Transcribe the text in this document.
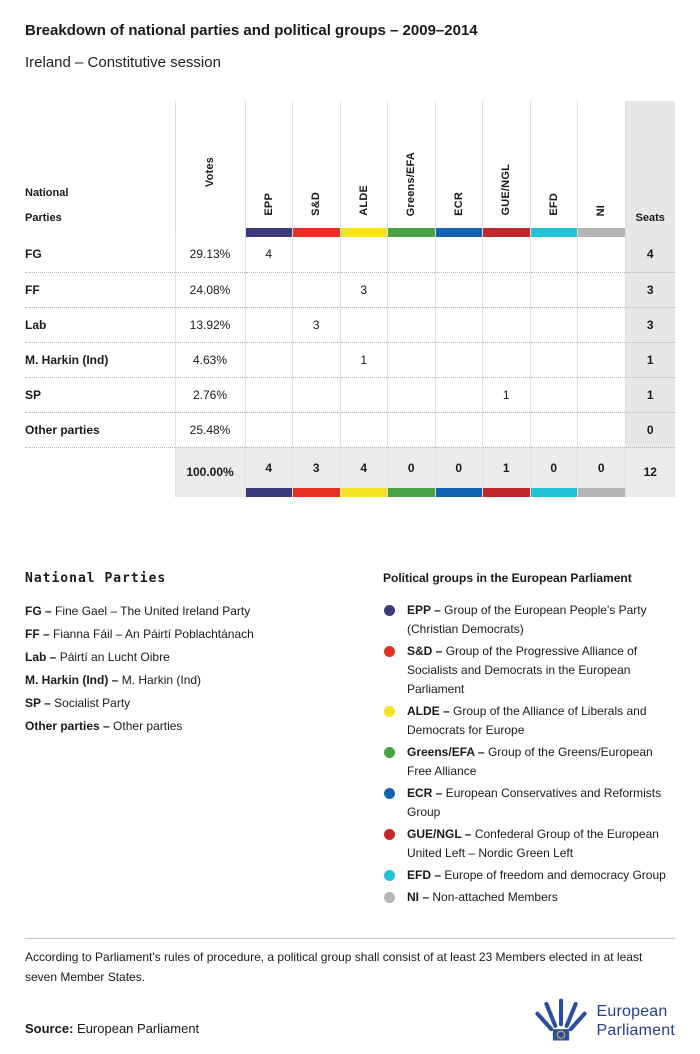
Breakdown of national parties and political groups – 2009–2014
Ireland – Constitutive session
National
Parties	Votes	EPP	S&D	ALDE	Greens/EFA	ECR	GUE/NGL	EFD	NI	Seats

FG	29.13%	4								4
FF	24.08%			3						3
Lab	13.92%		3							3
M. Harkin (Ind)	4.63%			1						1
SP	2.76%						1			1
Other parties	25.48%									0
	100.00%	4	3	4	0	0	1	0	0	12
National Parties
FG – Fine Gael – The United Ireland Party
FF – Fianna Fáil – An Páirtí Poblachtánach
Lab – Páirtí an Lucht Oibre
M. Harkin (Ind) – M. Harkin (Ind)
SP – Socialist Party
Other parties – Other parties
Political groups in the European Parliament
EPP – Group of the European People's Party (Christian Democrats)
S&D – Group of the Progressive Alliance of Socialists and Democrats in the European Parliament
ALDE – Group of the Alliance of Liberals and Democrats for Europe
Greens/EFA – Group of the Greens/European Free Alliance
ECR – European Conservatives and Reformists Group
GUE/NGL – Confederal Group of the European United Left – Nordic Green Left
EFD – Europe of freedom and democracy Group
NI – Non-attached Members
According to Parliament's rules of procedure, a political group shall consist of at least 23 Members elected in at least seven Member States.
Source: European Parliament
European
Parliament
